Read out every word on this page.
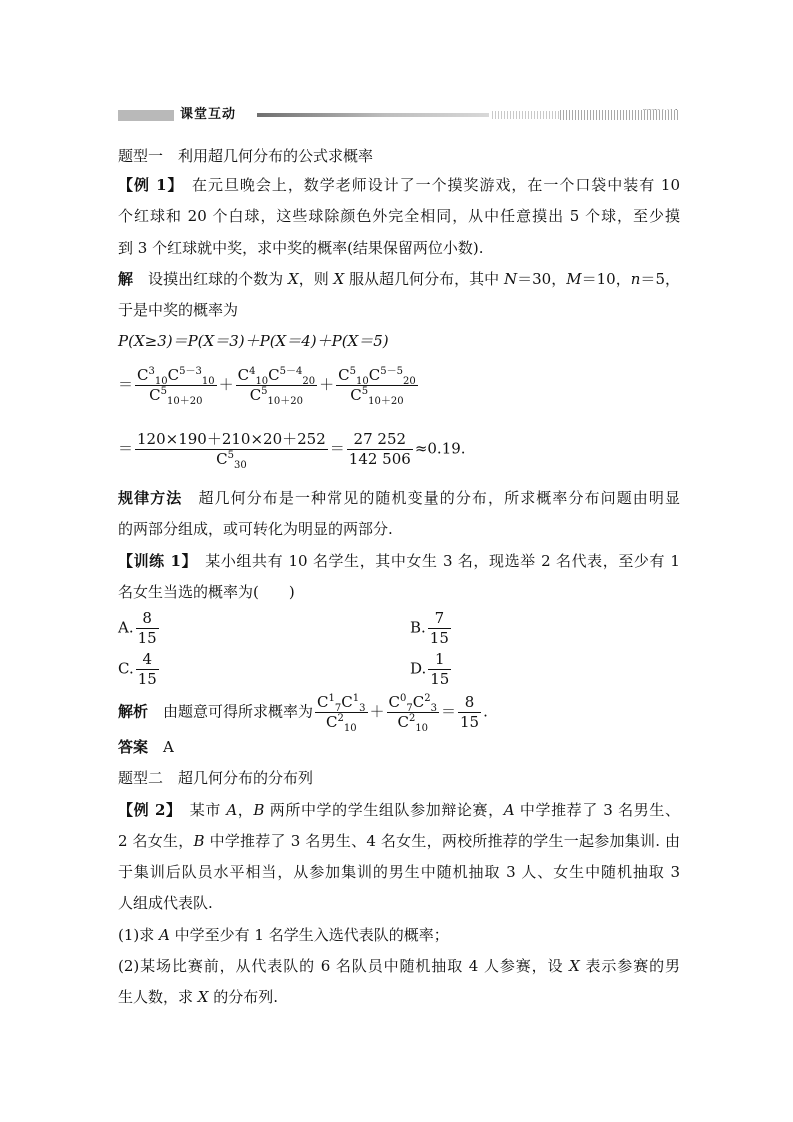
课堂互动
题型一　利用超几何分布的公式求概率
【例 1】　在元旦晚会上，数学老师设计了一个摸奖游戏，在一个口袋中装有 10
个红球和 20 个白球，这些球除颜色外完全相同，从中任意摸出 5 个球，至少摸
到 3 个红球就中奖，求中奖的概率(结果保留两位小数).
解　设摸出红球的个数为 X，则 X 服从超几何分布，其中 N＝30，M＝10，n＝5，
于是中奖的概率为
P(X≥3)＝P(X＝3)＋P(X＝4)＋P(X＝5)
＝ $\frac{C^3_{10}C^{5-3}_{10}}{C^5_{10+20}} + \frac{C^4_{10}C^{5-4}_{20}}{C^5_{10+20}} + \frac{C^5_{10}C^{5-5}_{20}}{C^5_{10+20}}$
＝ $\frac{120\times 190+210\times 20+252}{C^5_{30}} = \frac{27 252}{142 506} \approx 0.19$.
规律方法　超几何分布是一种常见的随机变量的分布，所求概率分布问题由明显
的两部分组成，或可转化为明显的两部分.
【训练 1】　某小组共有 10 名学生，其中女生 3 名，现选举 2 名代表，至少有 1
名女生当选的概率为(　　)
A. $\frac{8}{15}$	B. $\frac{7}{15}$
C. $\frac{4}{15}$	D. $\frac{1}{15}$
解析　由题意可得所求概率为 $\frac{C^1_7C^1_3}{C^2_{10}} + \frac{C^0_7C^2_3}{C^2_{10}} = \frac{8}{15}$ .
答案　A
题型二　超几何分布的分布列
【例 2】　某市 A，B 两所中学的学生组队参加辩论赛，A 中学推荐了 3 名男生、
2 名女生，B 中学推荐了 3 名男生、4 名女生，两校所推荐的学生一起参加集训. 由
于集训后队员水平相当，从参加集训的男生中随机抽取 3 人、女生中随机抽取 3
人组成代表队.
(1)求 A 中学至少有 1 名学生入选代表队的概率；
(2)某场比赛前，从代表队的 6 名队员中随机抽取 4 人参赛，设 X 表示参赛的男
生人数，求 X 的分布列.
